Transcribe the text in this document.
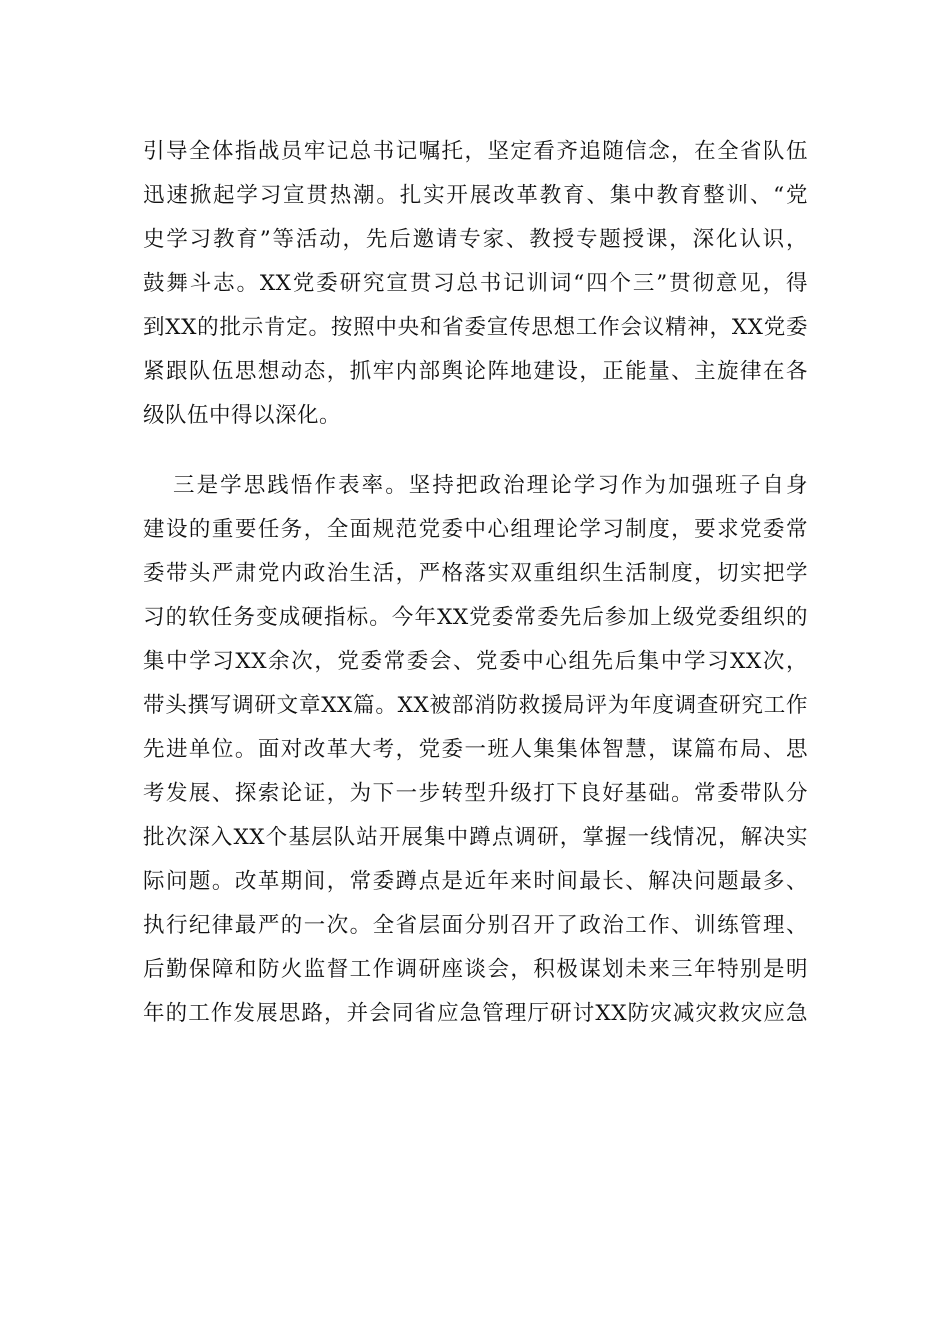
引导全体指战员牢记总书记嘱托，坚定看齐追随信念，在全省队伍
迅速掀起学习宣贯热潮。扎实开展改革教育、集中教育整训、“党
史学习教育”等活动，先后邀请专家、教授专题授课，深化认识，
鼓舞斗志。XX党委研究宣贯习总书记训词“四个三”贯彻意见，得
到XX的批示肯定。按照中央和省委宣传思想工作会议精神，XX党委
紧跟队伍思想动态，抓牢内部舆论阵地建设，正能量、主旋律在各
级队伍中得以深化。
三是学思践悟作表率。坚持把政治理论学习作为加强班子自身
建设的重要任务，全面规范党委中心组理论学习制度，要求党委常
委带头严肃党内政治生活，严格落实双重组织生活制度，切实把学
习的软任务变成硬指标。今年XX党委常委先后参加上级党委组织的
集中学习XX余次，党委常委会、党委中心组先后集中学习XX次，
带头撰写调研文章XX篇。XX被部消防救援局评为年度调查研究工作
先进单位。面对改革大考，党委一班人集集体智慧，谋篇布局、思
考发展、探索论证，为下一步转型升级打下良好基础。常委带队分
批次深入XX个基层队站开展集中蹲点调研，掌握一线情况，解决实
际问题。改革期间，常委蹲点是近年来时间最长、解决问题最多、
执行纪律最严的一次。全省层面分别召开了政治工作、训练管理、
后勤保障和防火监督工作调研座谈会，积极谋划未来三年特别是明
年的工作发展思路，并会同省应急管理厅研讨XX防灾减灾救灾应急
